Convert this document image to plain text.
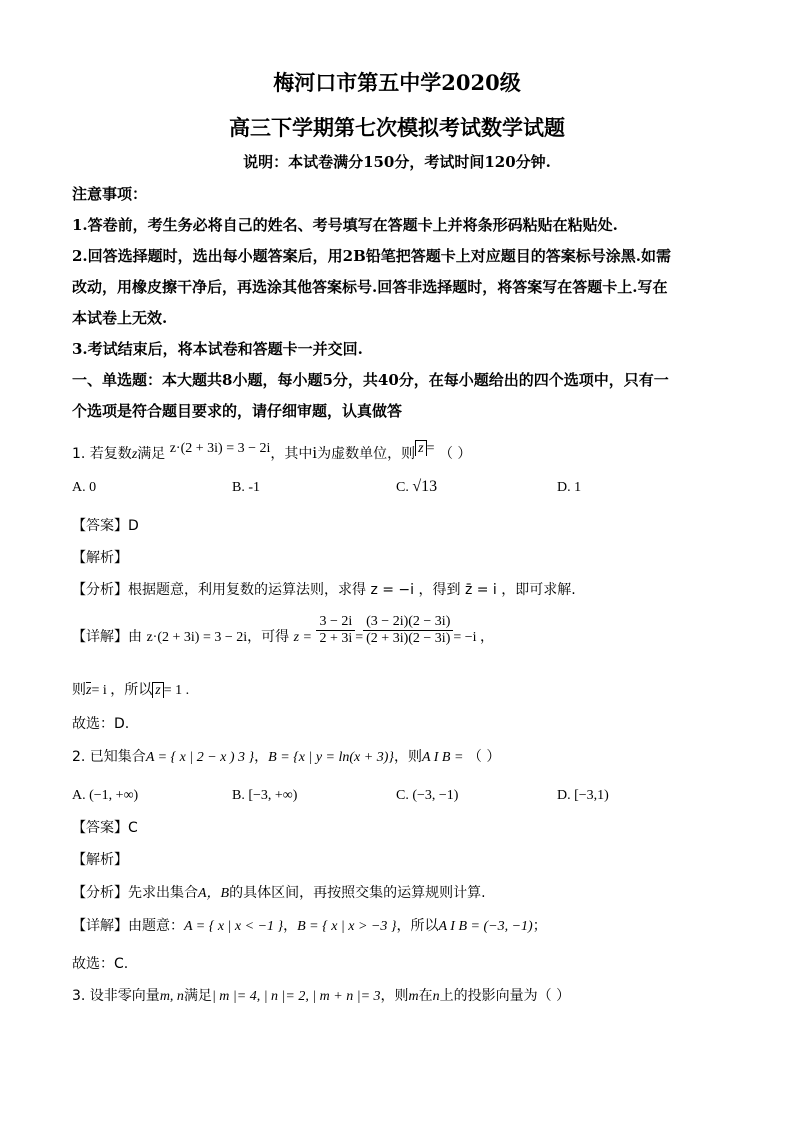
梅河口市第五中学2020级
高三下学期第七次模拟考试数学试题
说明：本试卷满分150分，考试时间120分钟.
注意事项：
1.答卷前，考生务必将自己的姓名、考号填写在答题卡上并将条形码粘贴在粘贴处.
2.回答选择题时，选出每小题答案后，用2B铅笔把答题卡上对应题目的答案标号涂黑.如需
改动，用橡皮擦干净后，再选涂其他答案标号.回答非选择题时，将答案写在答题卡上.写在
本试卷上无效.
3.考试结束后，将本试卷和答题卡一并交回.
一、单选题：本大题共8小题，每小题5分，共40分，在每小题给出的四个选项中，只有一
个选项是符合题目要求的，请仔细审题，认真做答
1. 若复数z满足 z·(2 + 3i) = 3 − 2i，其中i为虚数单位，则 z = （ ）
A. 0	B. -1	C. √13	D. 1
【答案】D
【解析】
【分析】根据题意，利用复数的运算法则，求得 z = −i ，得到 z̄ = i ，即可求解.
【详解】由 z·(2 + 3i) = 3 − 2i，可得 $z = \frac{3 - 2i}{2 + 3i} = \frac{(3 - 2i)(2 - 3i)}{(2 + 3i)(2 - 3i)} = -i$ ，
则z= i ，所以 z = 1 .
故选：D.
2. 已知集合A = { x | 2 − x ) 3 }，B = {x | y = ln(x + 3)}，则A I B = （ ）
A. (−1, +∞)	B. [−3, +∞)	C. (−3, −1)	D. [−3,1)
【答案】C
【解析】
【分析】先求出集合A，B的具体区间，再按照交集的运算规则计算.
【详解】由题意：A = { x | x < −1 }，B = { x | x > −3 }，所以A I B = (−3, −1)；
故选：C.
3. 设非零向量m, n满足| m |= 4, | n |= 2, | m + n |= 3，则m在n上的投影向量为（ ）
